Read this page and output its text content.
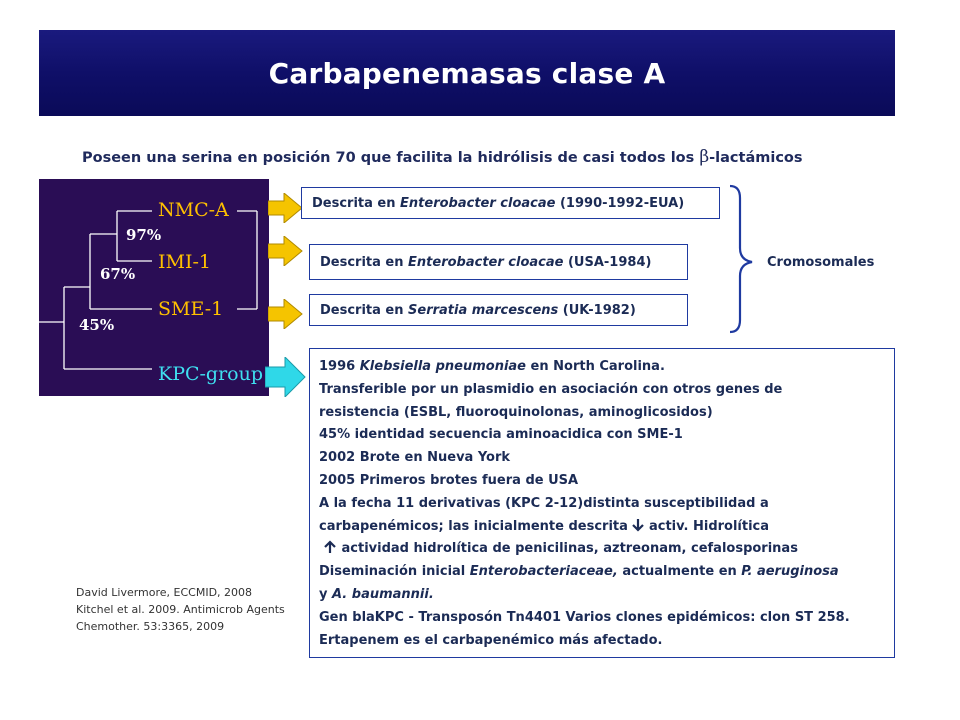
Carbapenemasas clase A
Poseen una serina en posición 70 que facilita la hidrólisis de casi todos los β-lactámicos
NMC-A
IMI-1
SME-1
KPC-group
97%
67%
45%
Descrita en Enterobacter cloacae (1990-1992-EUA)
Descrita en Enterobacter cloacae (USA-1984)
Descrita en Serratia marcescens (UK-1982)
Cromosomales
1996 Klebsiella pneumoniae en North Carolina.
Transferible por un plasmidio en asociación con otros genes de
resistencia (ESBL, fluoroquinolonas, aminoglicosidos)
45% identidad secuencia aminoacidica con SME-1
2002 Brote en Nueva York
2005 Primeros brotes fuera de USA
A la fecha 11 derivativas (KPC 2-12)distinta susceptibilidad a
carbapenémicos; las inicialmente descrita  activ. Hidrolítica
actividad hidrolítica de penicilinas, aztreonam, cefalosporinas
Diseminación inicial Enterobacteriaceae, actualmente en P. aeruginosa
y A. baumannii.
Gen blaKPC - Transposón Tn4401 Varios clones epidémicos: clon ST 258.
Ertapenem es el carbapenémico más afectado.
David Livermore, ECCMID, 2008
Kitchel et al. 2009. Antimicrob Agents
Chemother. 53:3365, 2009
